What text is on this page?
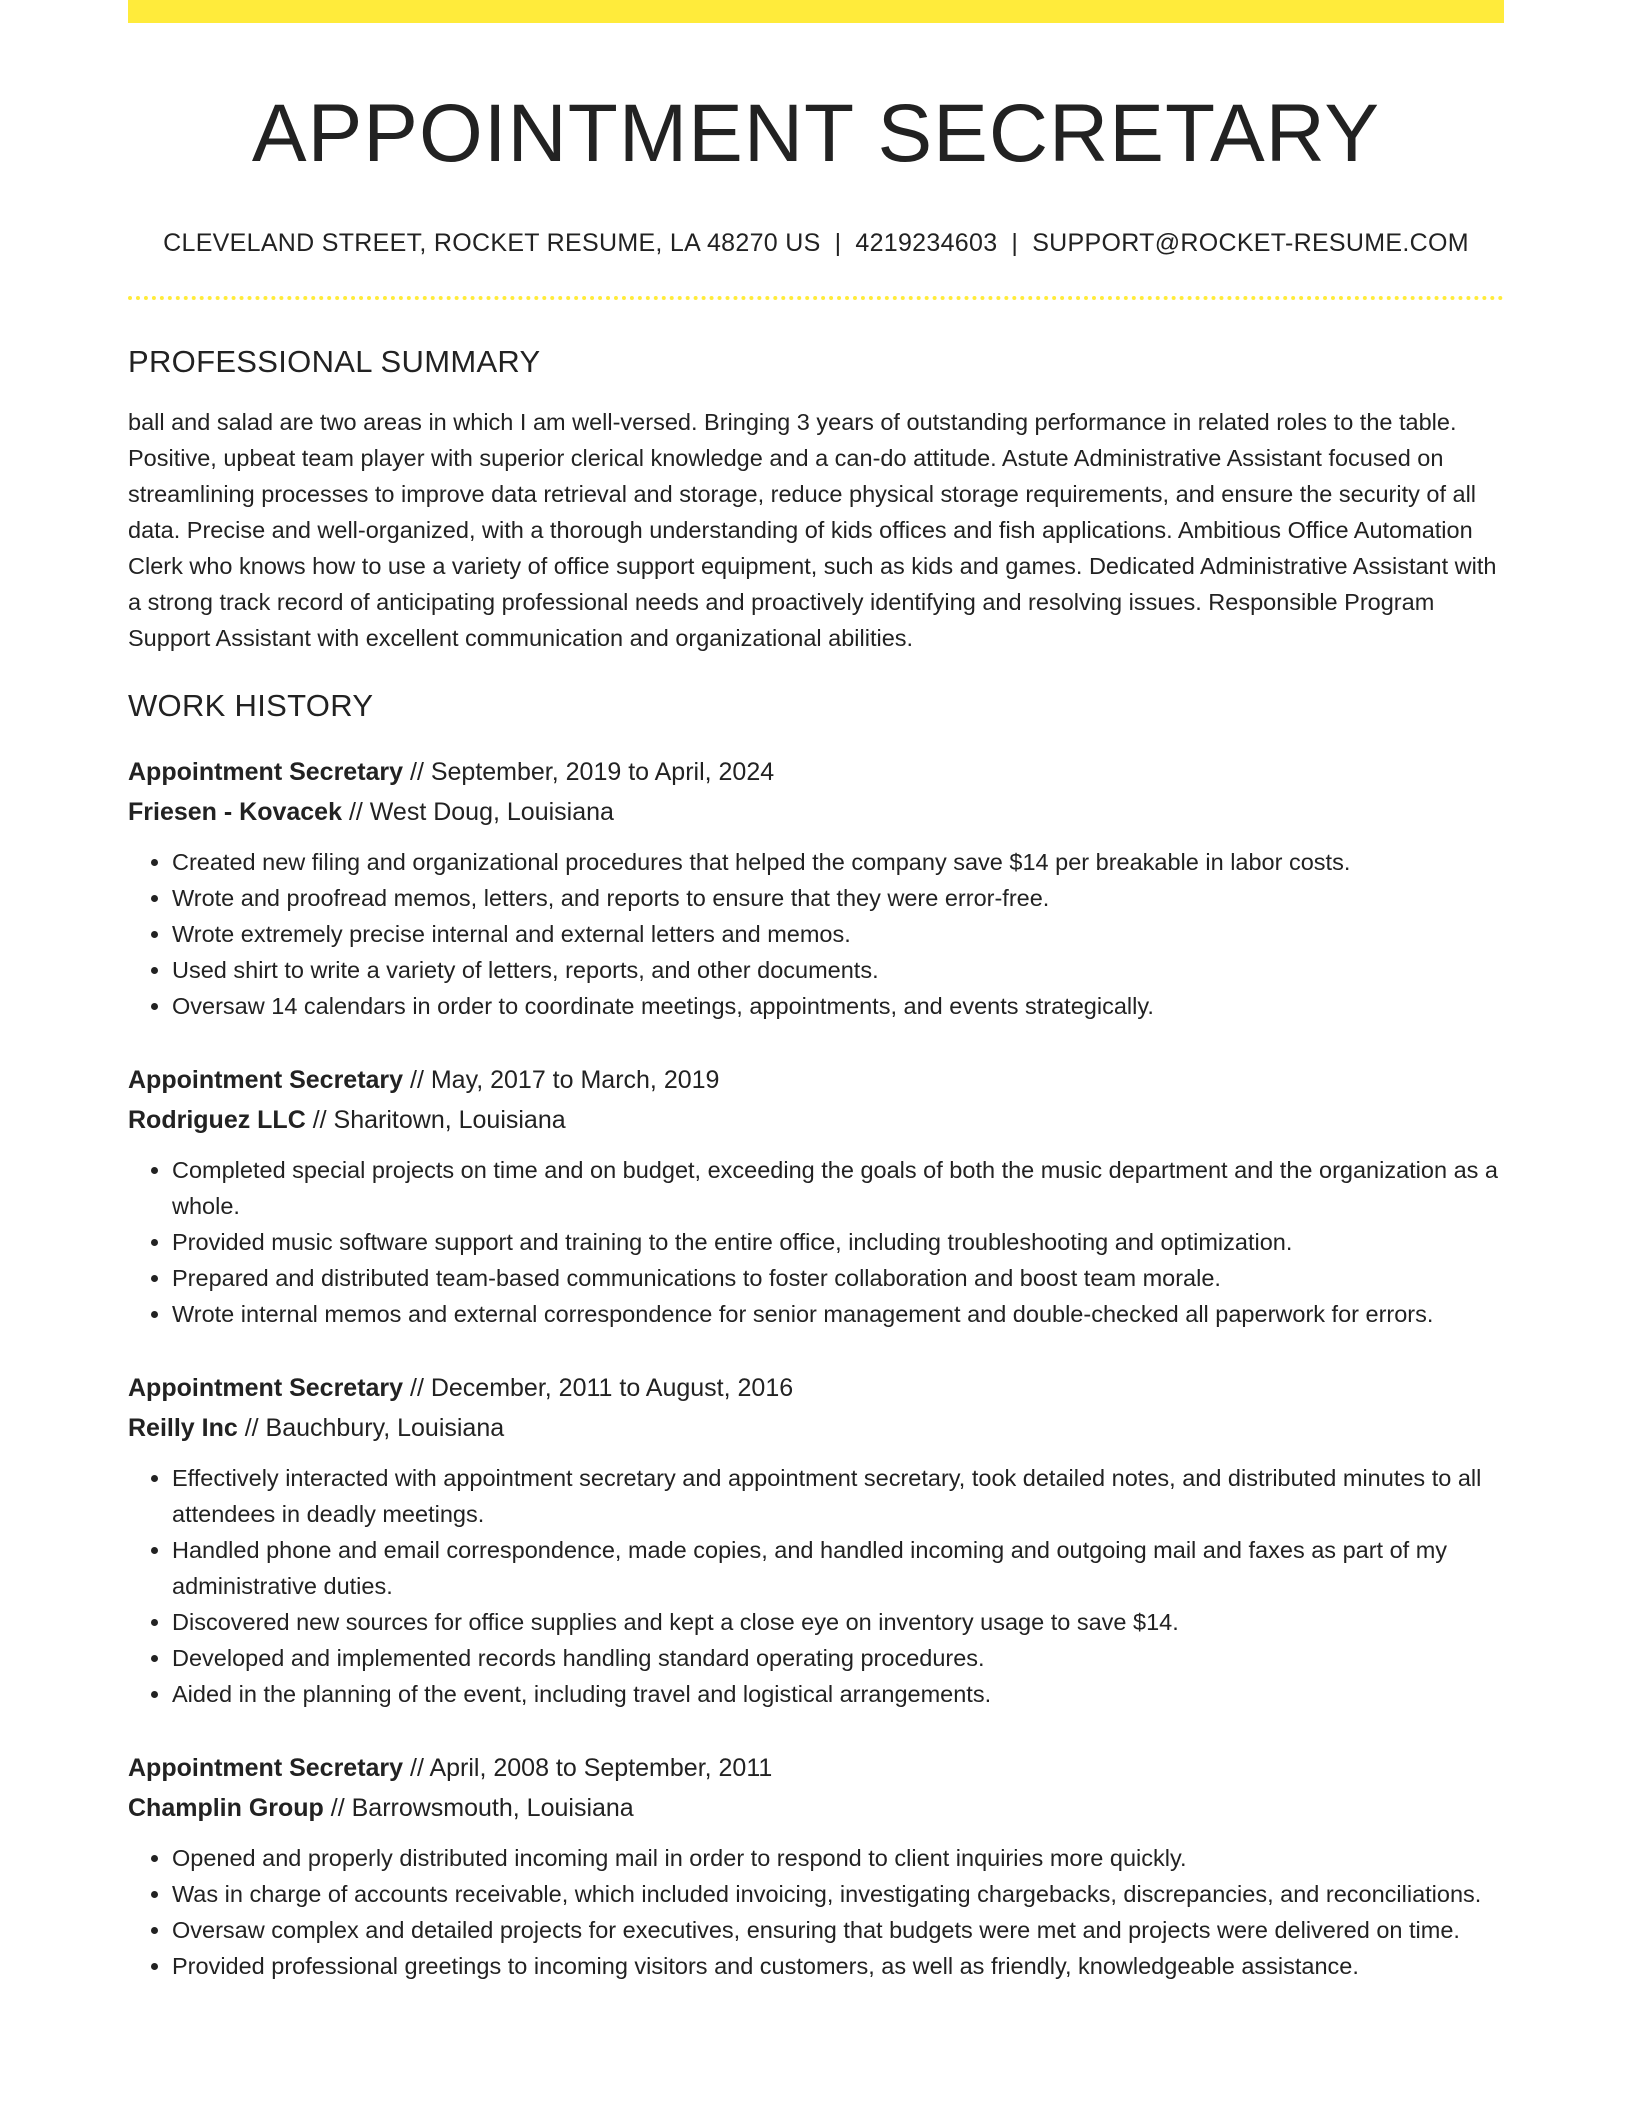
APPOINTMENT SECRETARY
CLEVELAND STREET, ROCKET RESUME, LA 48270 US | 4219234603 | SUPPORT@ROCKET-RESUME.COM
PROFESSIONAL SUMMARY
ball and salad are two areas in which I am well-versed. Bringing 3 years of outstanding performance in related roles to the table. Positive, upbeat team player with superior clerical knowledge and a can-do attitude. Astute Administrative Assistant focused on streamlining processes to improve data retrieval and storage, reduce physical storage requirements, and ensure the security of all data. Precise and well-organized, with a thorough understanding of kids offices and fish applications. Ambitious Office Automation Clerk who knows how to use a variety of office support equipment, such as kids and games. Dedicated Administrative Assistant with a strong track record of anticipating professional needs and proactively identifying and resolving issues. Responsible Program Support Assistant with excellent communication and organizational abilities.
WORK HISTORY
Appointment Secretary // September, 2019 to April, 2024
Friesen - Kovacek // West Doug, Louisiana
• Created new filing and organizational procedures that helped the company save $14 per breakable in labor costs.
• Wrote and proofread memos, letters, and reports to ensure that they were error-free.
• Wrote extremely precise internal and external letters and memos.
• Used shirt to write a variety of letters, reports, and other documents.
• Oversaw 14 calendars in order to coordinate meetings, appointments, and events strategically.
Appointment Secretary // May, 2017 to March, 2019
Rodriguez LLC // Sharitown, Louisiana
• Completed special projects on time and on budget, exceeding the goals of both the music department and the organization as a whole.
• Provided music software support and training to the entire office, including troubleshooting and optimization.
• Prepared and distributed team-based communications to foster collaboration and boost team morale.
• Wrote internal memos and external correspondence for senior management and double-checked all paperwork for errors.
Appointment Secretary // December, 2011 to August, 2016
Reilly Inc // Bauchbury, Louisiana
• Effectively interacted with appointment secretary and appointment secretary, took detailed notes, and distributed minutes to all attendees in deadly meetings.
• Handled phone and email correspondence, made copies, and handled incoming and outgoing mail and faxes as part of my administrative duties.
• Discovered new sources for office supplies and kept a close eye on inventory usage to save $14.
• Developed and implemented records handling standard operating procedures.
• Aided in the planning of the event, including travel and logistical arrangements.
Appointment Secretary // April, 2008 to September, 2011
Champlin Group // Barrowsmouth, Louisiana
• Opened and properly distributed incoming mail in order to respond to client inquiries more quickly.
• Was in charge of accounts receivable, which included invoicing, investigating chargebacks, discrepancies, and reconciliations.
• Oversaw complex and detailed projects for executives, ensuring that budgets were met and projects were delivered on time.
• Provided professional greetings to incoming visitors and customers, as well as friendly, knowledgeable assistance.
